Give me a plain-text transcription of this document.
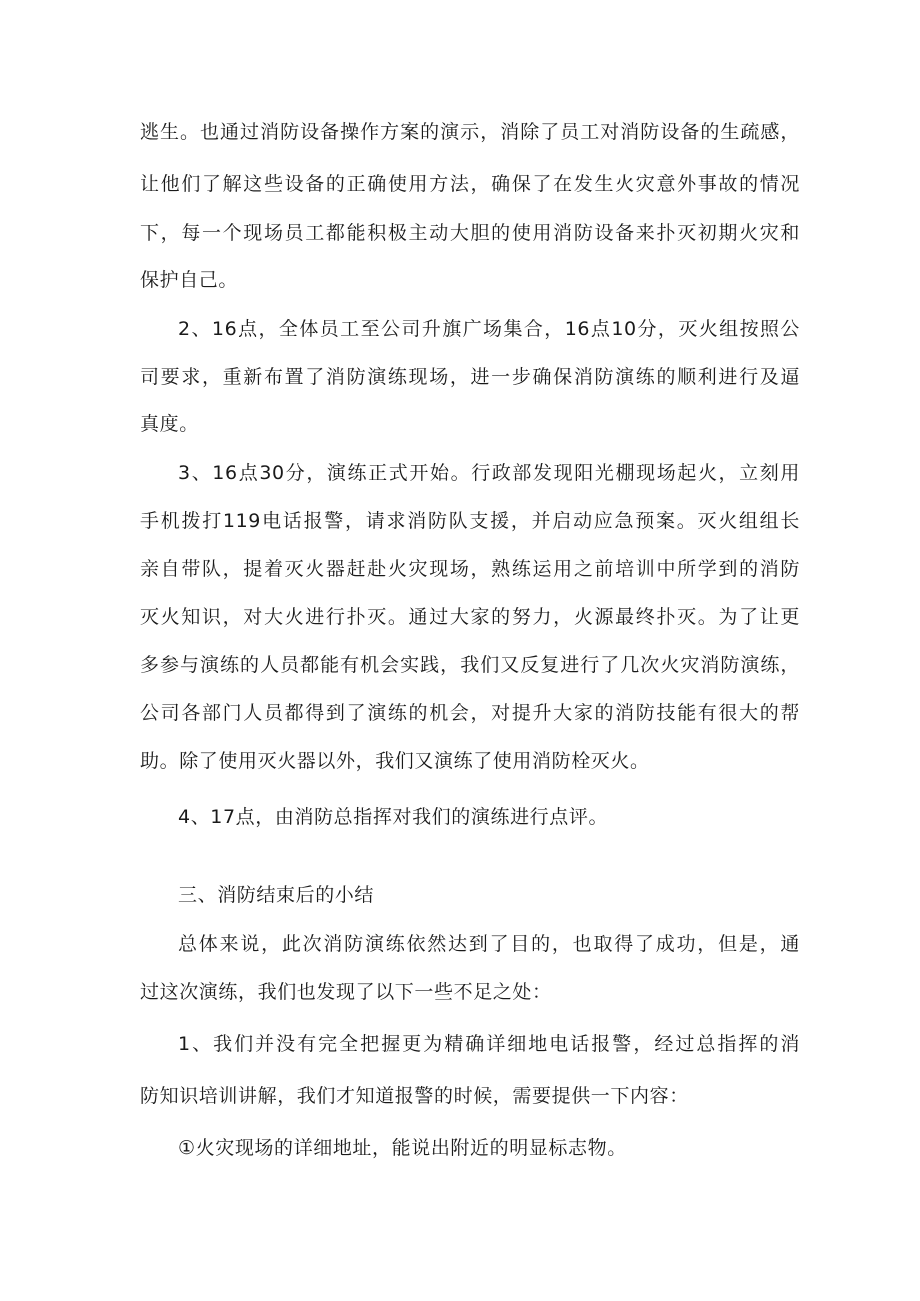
逃生。也通过消防设备操作方案的演示，消除了员工对消防设备的生疏感，
让他们了解这些设备的正确使用方法，确保了在发生火灾意外事故的情况
下，每一个现场员工都能积极主动大胆的使用消防设备来扑灭初期火灾和
保护自己。
2、16点，全体员工至公司升旗广场集合，16点10分，灭火组按照公
司要求，重新布置了消防演练现场，进一步确保消防演练的顺利进行及逼
真度。
3、16点30分，演练正式开始。行政部发现阳光棚现场起火，立刻用
手机拨打119电话报警，请求消防队支援，并启动应急预案。灭火组组长
亲自带队，提着灭火器赶赴火灾现场，熟练运用之前培训中所学到的消防
灭火知识，对大火进行扑灭。通过大家的努力，火源最终扑灭。为了让更
多参与演练的人员都能有机会实践，我们又反复进行了几次火灾消防演练，
公司各部门人员都得到了演练的机会，对提升大家的消防技能有很大的帮
助。除了使用灭火器以外，我们又演练了使用消防栓灭火。
4、17点，由消防总指挥对我们的演练进行点评。
三、消防结束后的小结
总体来说，此次消防演练依然达到了目的，也取得了成功，但是，通
过这次演练，我们也发现了以下一些不足之处：
1、我们并没有完全把握更为精确详细地电话报警，经过总指挥的消
防知识培训讲解，我们才知道报警的时候，需要提供一下内容：
①火灾现场的详细地址，能说出附近的明显标志物。
